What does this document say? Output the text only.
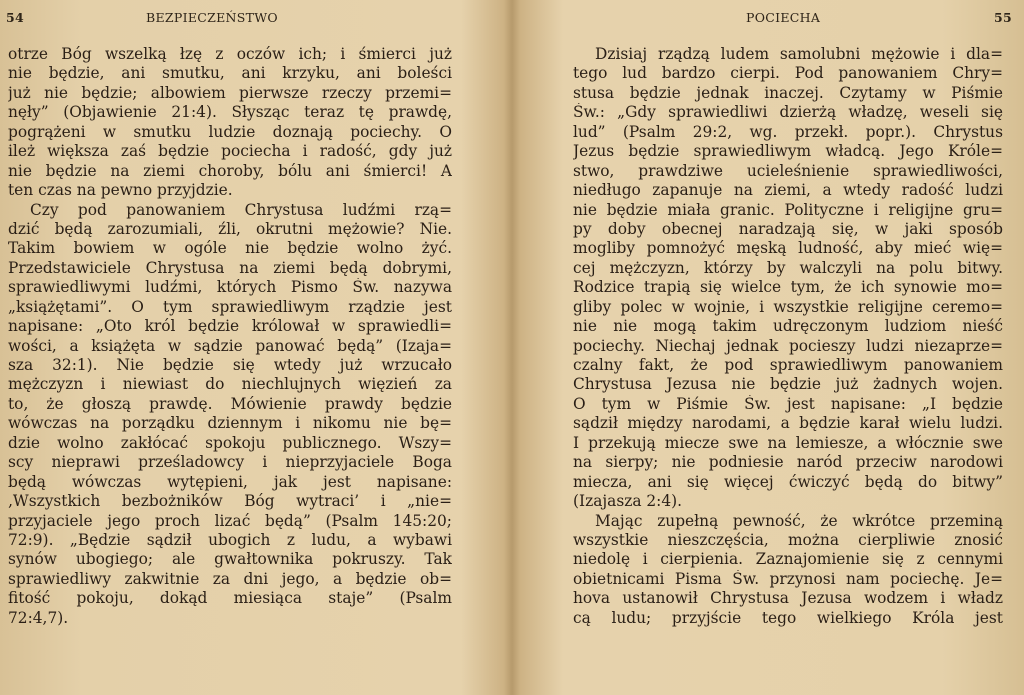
54	BEZPIECZEŃSTWO
otrze Bóg wszelką łzę z oczów ich; i śmierci już
nie będzie, ani smutku, ani krzyku, ani boleści
już nie będzie; albowiem pierwsze rzeczy przemi=
nęły” (Objawienie 21:4). Słysząc teraz tę prawdę,
pogrążeni w smutku ludzie doznają pociechy. O
ileż większa zaś będzie pociecha i radość, gdy już
nie będzie na ziemi choroby, bólu ani śmierci! A
ten czas na pewno przyjdzie.
Czy pod panowaniem Chrystusa ludźmi rzą=
dzić będą zarozumiali, źli, okrutni mężowie? Nie.
Takim bowiem w ogóle nie będzie wolno żyć.
Przedstawiciele Chrystusa na ziemi będą dobrymi,
sprawiedliwymi ludźmi, których Pismo Św. nazywa
„książętami”. O tym sprawiedliwym rządzie jest
napisane: „Oto król będzie królował w sprawiedli=
wości, a książęta w sądzie panować będą” (Izaja=
sza 32:1). Nie będzie się wtedy już wrzucało
mężczyzn i niewiast do niechlujnych więzień za
to, że głoszą prawdę. Mówienie prawdy będzie
wówczas na porządku dziennym i nikomu nie bę=
dzie wolno zakłócać spokoju publicznego. Wszy=
scy nieprawi prześladowcy i nieprzyjaciele Boga
będą wówczas wytępieni, jak jest napisane:
‚Wszystkich bezbożników Bóg wytraci’ i „nie=
przyjaciele jego proch lizać będą” (Psalm 145:20;
72:9). „Będzie sądził ubogich z ludu, a wybawi
synów ubogiego; ale gwałtownika pokruszy. Tak
sprawiedliwy zakwitnie za dni jego, a będzie ob=
fitość pokoju, dokąd miesiąca staje” (Psalm
72:4,7).
POCIECHA	55
Dzisiaj rządzą ludem samolubni mężowie i dla=
tego lud bardzo cierpi. Pod panowaniem Chry=
stusa będzie jednak inaczej. Czytamy w Piśmie
Św.: „Gdy sprawiedliwi dzierżą władzę, weseli się
lud” (Psalm 29:2, wg. przekł. popr.). Chrystus
Jezus będzie sprawiedliwym władcą. Jego Króle=
stwo, prawdziwe ucieleśnienie sprawiedliwości,
niedługo zapanuje na ziemi, a wtedy radość ludzi
nie będzie miała granic. Polityczne i religijne gru=
py doby obecnej naradzają się, w jaki sposób
mogliby pomnożyć męską ludność, aby mieć wię=
cej mężczyzn, którzy by walczyli na polu bitwy.
Rodzice trapią się wielce tym, że ich synowie mo=
gliby polec w wojnie, i wszystkie religijne ceremo=
nie nie mogą takim udręczonym ludziom nieść
pociechy. Niechaj jednak pocieszy ludzi niezaprze=
czalny fakt, że pod sprawiedliwym panowaniem
Chrystusa Jezusa nie będzie już żadnych wojen.
O tym w Piśmie Św. jest napisane: „I będzie
sądził między narodami, a będzie karał wielu ludzi.
I przekują miecze swe na lemiesze, a włócznie swe
na sierpy; nie podniesie naród przeciw narodowi
miecza, ani się więcej ćwiczyć będą do bitwy”
(Izajasza 2:4).
Mając zupełną pewność, że wkrótce przeminą
wszystkie nieszczęścia, można cierpliwie znosić
niedolę i cierpienia. Zaznajomienie się z cennymi
obietnicami Pisma Św. przynosi nam pociechę. Je=
hova ustanowił Chrystusa Jezusa wodzem i władz
cą ludu; przyjście tego wielkiego Króla jest
